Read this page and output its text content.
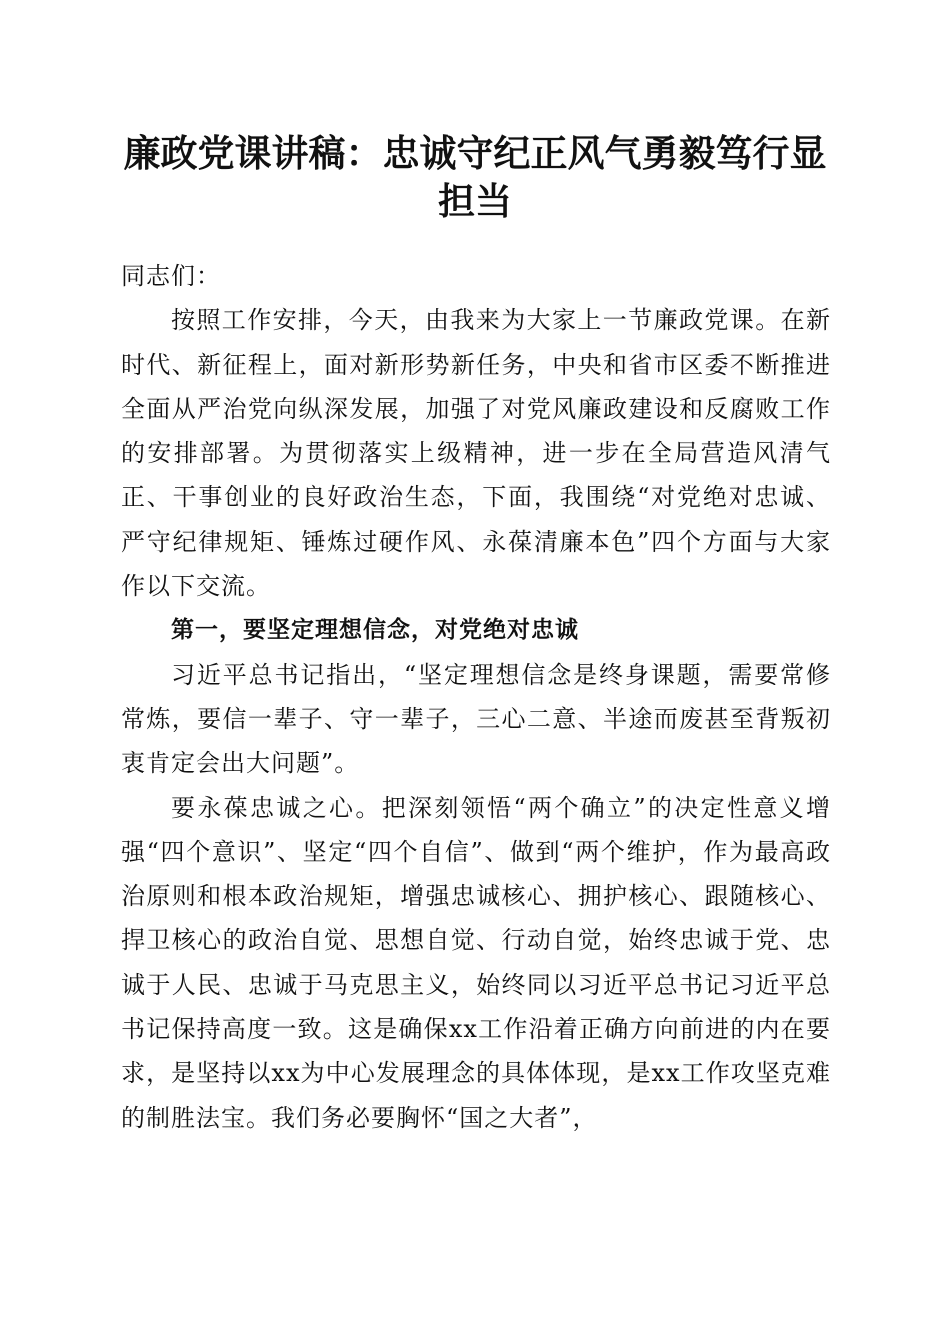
廉政党课讲稿：忠诚守纪正风气勇毅笃行显担当

同志们：

按照工作安排，今天，由我来为大家上一节廉政党课。在新时代、新征程上，面对新形势新任务，中央和省市区委不断推进全面从严治党向纵深发展，加强了对党风廉政建设和反腐败工作的安排部署。为贯彻落实上级精神，进一步在全局营造风清气正、干事创业的良好政治生态，下面，我围绕“对党绝对忠诚、严守纪律规矩、锤炼过硬作风、永葆清廉本色”四个方面与大家作以下交流。

第一，要坚定理想信念，对党绝对忠诚

习近平总书记指出，“坚定理想信念是终身课题，需要常修常炼，要信一辈子、守一辈子，三心二意、半途而废甚至背叛初衷肯定会出大问题”。

要永葆忠诚之心。把深刻领悟“两个确立”的决定性意义增强“四个意识”、坚定“四个自信”、做到“两个维护，作为最高政治原则和根本政治规矩，增强忠诚核心、拥护核心、跟随核心、捍卫核心的政治自觉、思想自觉、行动自觉，始终忠诚于党、忠诚于人民、忠诚于马克思主义，始终同以习近平总书记习近平总书记保持高度一致。这是确保xx工作沿着正确方向前进的内在要求，是坚持以xx为中心发展理念的具体体现，是xx工作攻坚克难的制胜法宝。我们务必要胸怀“国之大者”，
